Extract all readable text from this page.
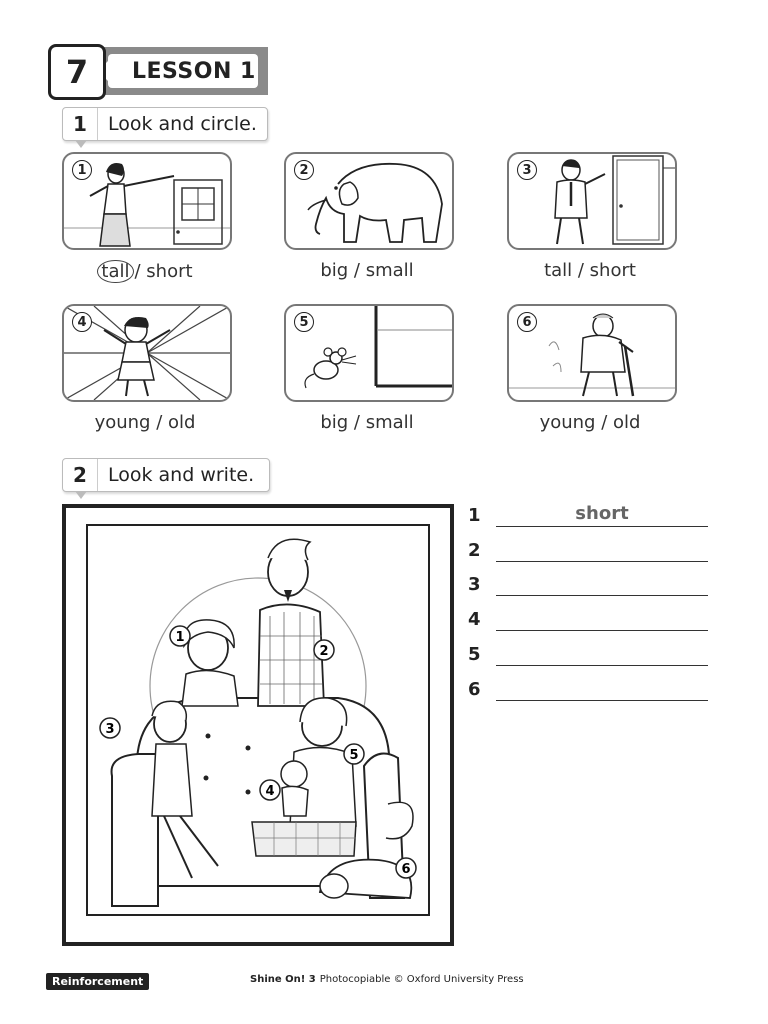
7	LESSON 1
1	Look and circle.
1
tall / short
2
big / small
3
tall / short
4
young / old
5
big / small
6
young / old
2	Look and write.
1
2
3
4
5
6
1	short
2
3
4
5
6
Reinforcement	Shine On! 3 Photocopiable © Oxford University Press
